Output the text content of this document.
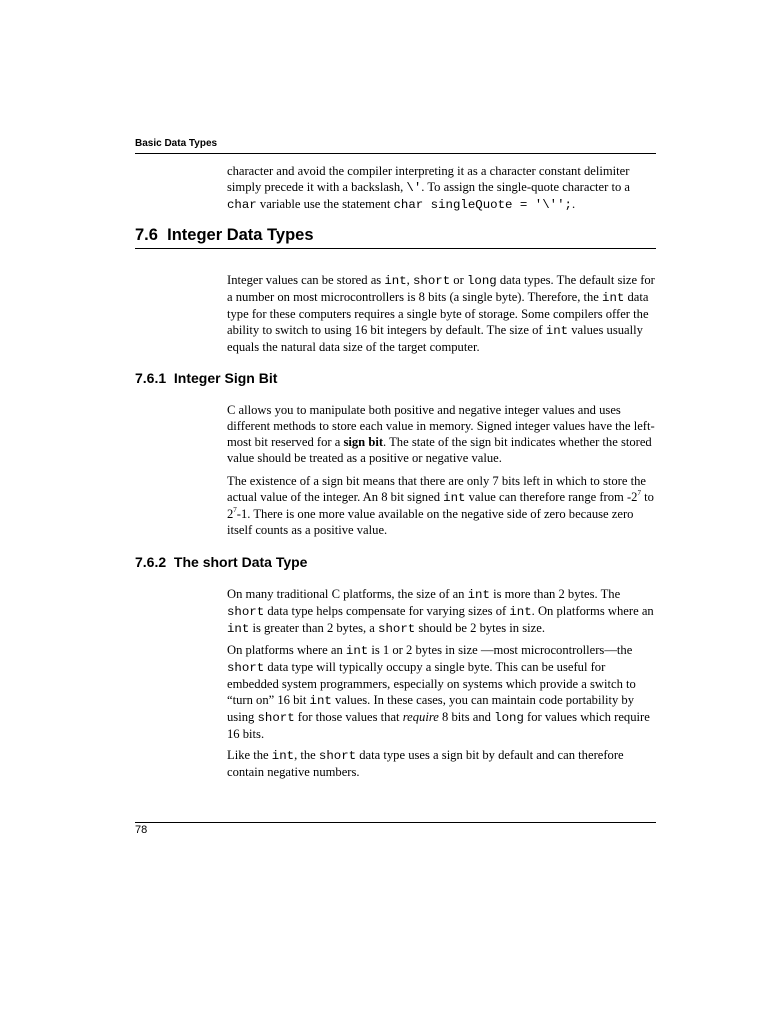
Basic Data Types

character and avoid the compiler interpreting it as a character constant delimiter simply precede it with a backslash, \'. To assign the single-quote character to a char variable use the statement char singleQuote = '\'';.

7.6 Integer Data Types

Integer values can be stored as int, short or long data types. The default size for a number on most microcontrollers is 8 bits (a single byte). Therefore, the int data type for these computers requires a single byte of storage. Some compilers offer the ability to switch to using 16 bit integers by default. The size of int values usually equals the natural data size of the target computer.

7.6.1 Integer Sign Bit

C allows you to manipulate both positive and negative integer values and uses different methods to store each value in memory. Signed integer values have the left-most bit reserved for a sign bit. The state of the sign bit indicates whether the stored value should be treated as a positive or negative value.

The existence of a sign bit means that there are only 7 bits left in which to store the actual value of the integer. An 8 bit signed int value can therefore range from $-2^7$ to $2^7-1$. There is one more value available on the negative side of zero because zero itself counts as a positive value.

7.6.2 The short Data Type

On many traditional C platforms, the size of an int is more than 2 bytes. The short data type helps compensate for varying sizes of int. On platforms where an int is greater than 2 bytes, a short should be 2 bytes in size.

On platforms where an int is 1 or 2 bytes in size —most microcontrollers—the short data type will typically occupy a single byte. This can be useful for embedded system programmers, especially on systems which provide a switch to “turn on” 16 bit int values. In these cases, you can maintain code portability by using short for those values that require 8 bits and long for values which require 16 bits.

Like the int, the short data type uses a sign bit by default and can therefore contain negative numbers.

78
